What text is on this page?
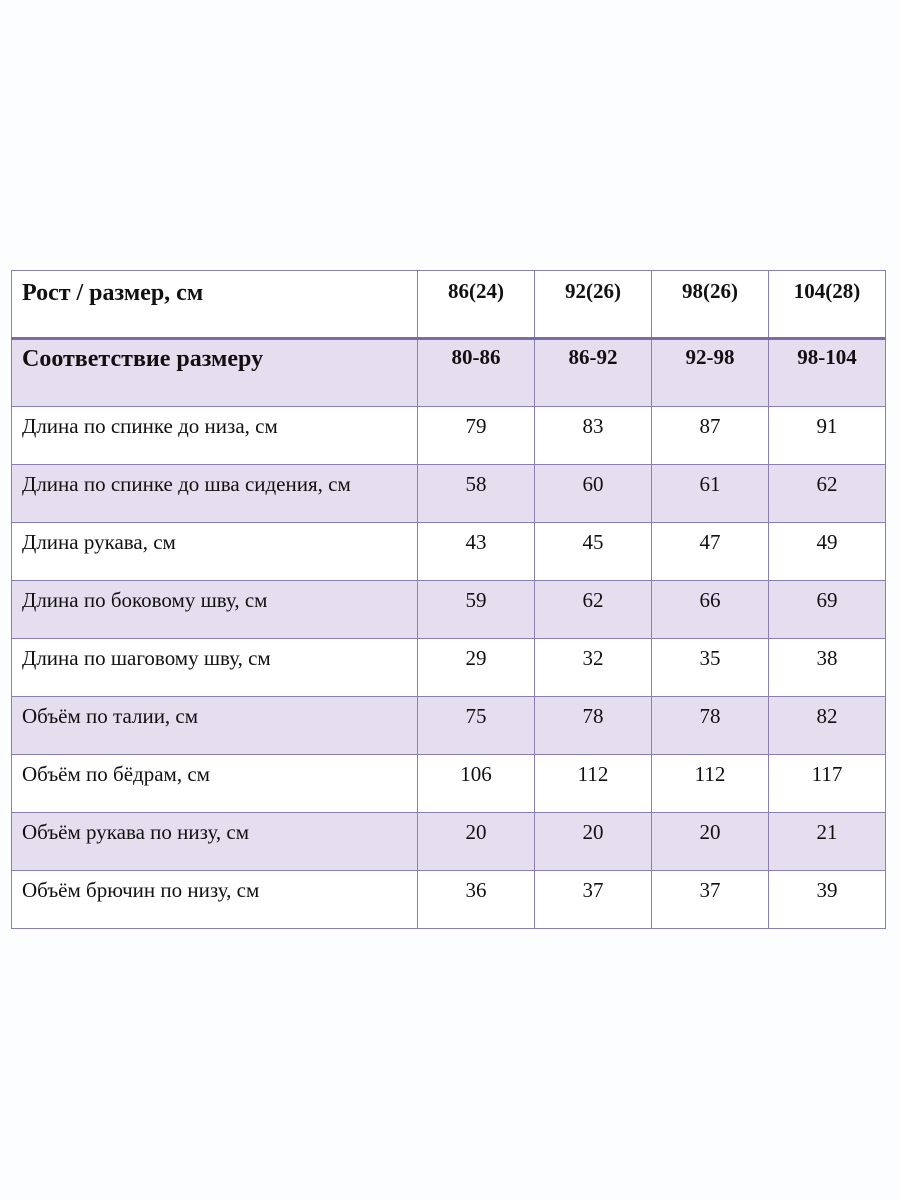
Рост / размер, см	86(24)	92(26)	98(26)	104(28)
Соответствие размеру	80-86	86-92	92-98	98-104
Длина по спинке до низа, см	79	83	87	91
Длина по спинке до шва сидения, см	58	60	61	62
Длина рукава, см	43	45	47	49
Длина по боковому шву, см	59	62	66	69
Длина по шаговому шву, см	29	32	35	38
Объём по талии, см	75	78	78	82
Объём по бёдрам, см	106	112	112	117
Объём рукава по низу, см	20	20	20	21
Объём брючин по низу, см	36	37	37	39
